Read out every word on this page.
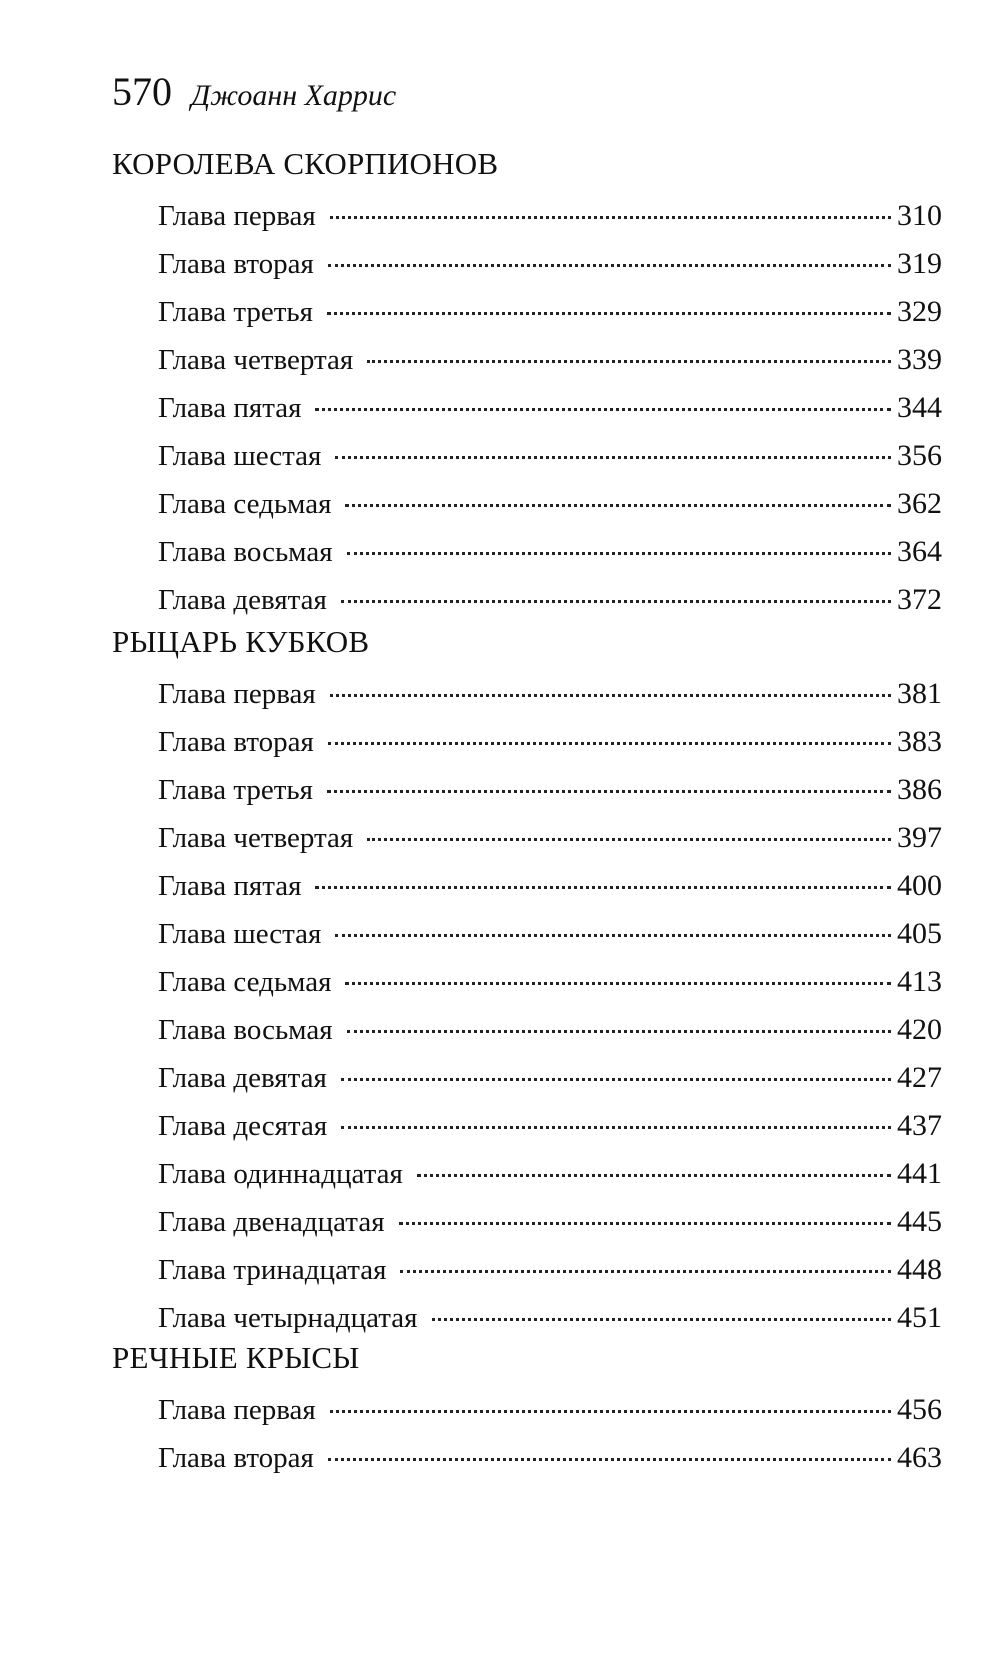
570 Джоанн Харрис
КОРОЛЕВА СКОРПИОНОВ
Глава первая	310
Глава вторая	319
Глава третья	329
Глава четвертая	339
Глава пятая	344
Глава шестая	356
Глава седьмая	362
Глава восьмая	364
Глава девятая	372
РЫЦАРЬ КУБКОВ
Глава первая	381
Глава вторая	383
Глава третья	386
Глава четвертая	397
Глава пятая	400
Глава шестая	405
Глава седьмая	413
Глава восьмая	420
Глава девятая	427
Глава десятая	437
Глава одиннадцатая	441
Глава двенадцатая	445
Глава тринадцатая	448
Глава четырнадцатая	451
РЕЧНЫЕ КРЫСЫ
Глава первая	456
Глава вторая	463
